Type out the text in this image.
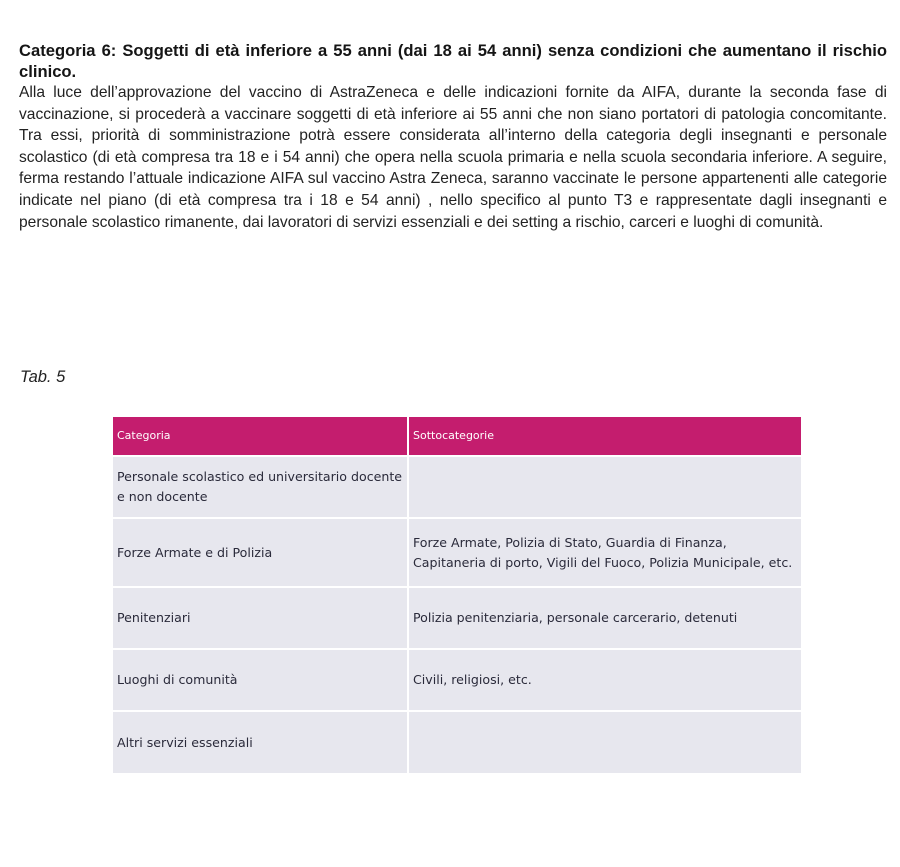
Categoria 6: Soggetti di età inferiore a 55 anni (dai 18 ai 54 anni) senza condizioni che aumentano il rischio clinico.

Alla luce dell’approvazione del vaccino di AstraZeneca e delle indicazioni fornite da AIFA, durante la seconda fase di vaccinazione, si procederà a vaccinare soggetti di età inferiore ai 55 anni che non siano portatori di patologia concomitante. Tra essi, priorità di somministrazione potrà essere considerata all’interno della categoria degli insegnanti e personale scolastico (di età compresa tra 18 e i 54 anni) che opera nella scuola primaria e nella scuola secondaria inferiore. A seguire, ferma restando l’attuale indicazione AIFA sul vaccino Astra Zeneca, saranno vaccinate le persone appartenenti alle categorie indicate nel piano (di età compresa tra i 18 e 54 anni) , nello specifico al punto T3 e rappresentate dagli insegnanti e personale scolastico rimanente, dai lavoratori di servizi essenziali e dei setting a rischio, carceri e luoghi di comunità.

Tab. 5
Categoria	Sottocategorie
Personale scolastico ed universitario docente e non docente	
Forze Armate e di Polizia	Forze Armate, Polizia di Stato, Guardia di Finanza, Capitaneria di porto, Vigili del Fuoco, Polizia Municipale, etc.
Penitenziari	Polizia penitenziaria, personale carcerario, detenuti
Luoghi di comunità	Civili, religiosi, etc.
Altri servizi essenziali	
